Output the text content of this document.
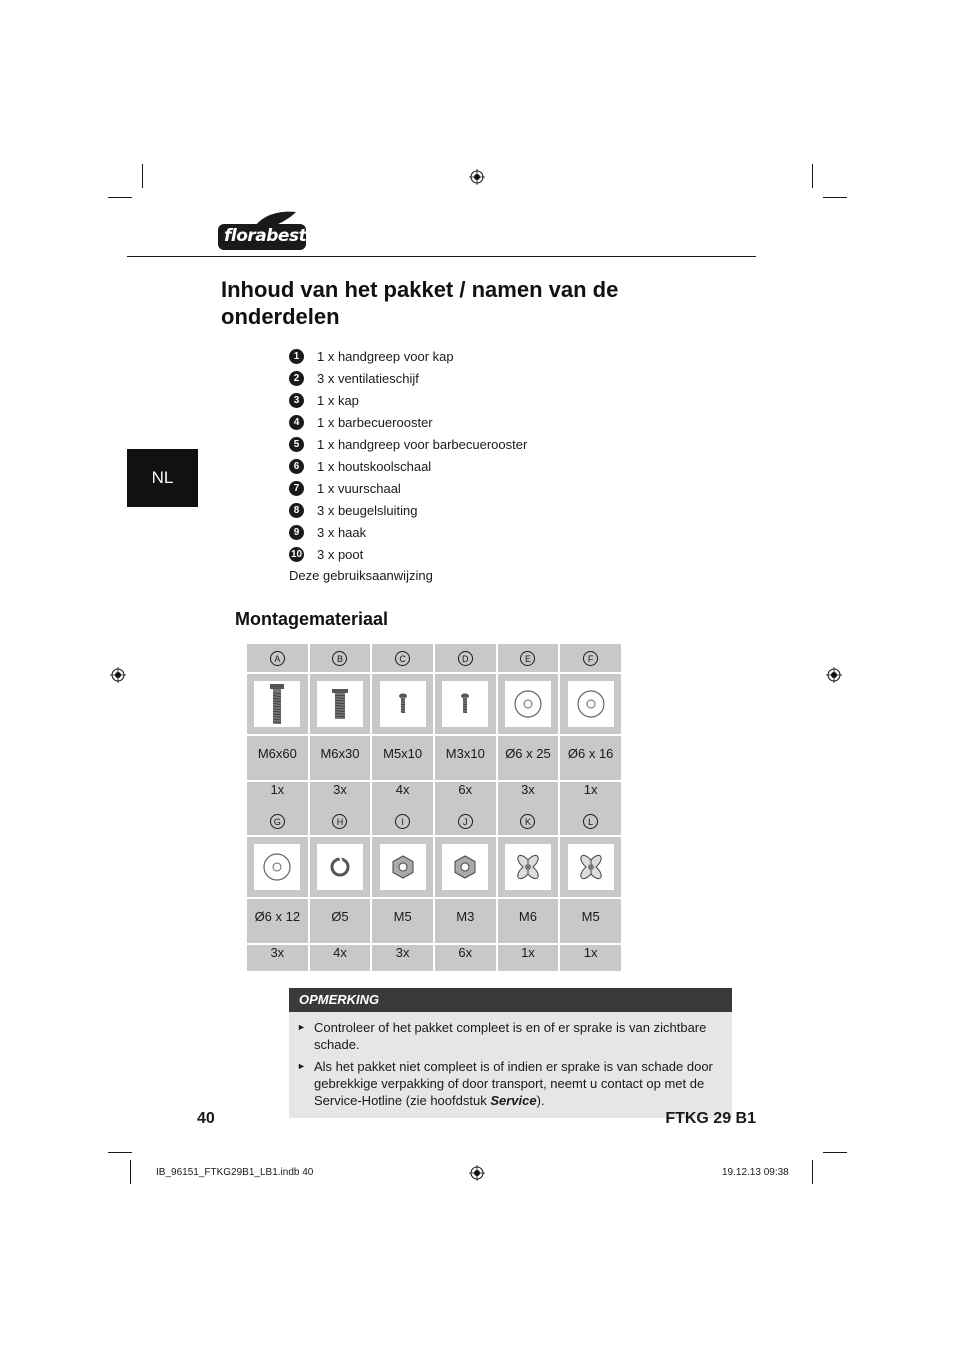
florabest
NL
Inhoud van het pakket / namen van de onderdelen
1	1 x handgreep voor kap
2	3 x ventilatieschijf
3	1 x kap
4	1 x barbecuerooster
5	1 x handgreep voor barbecuerooster
6	1 x houtskoolschaal
7	1 x vuurschaal
8	3 x beugelsluiting
9	3 x haak
10 3 x poot
Deze gebruiksaanwijzing
Montagemateriaal
A	B	C	D	E	F

M6x60	M6x30	M5x10	M3x10	Ø6 x 25	Ø6 x 16
1x	3x	4x	6x	3x	1x
G	H	I	J	K	L

Ø6 x 12	Ø5	M5	M3	M6	M5
3x	4x	3x	6x	1x	1x
OPMERKING
► Controleer of het pakket compleet is en of er sprake is van zichtbare schade.
► Als het pakket niet compleet is of indien er sprake is van schade door gebrekkige verpakking of door transport, neemt u contact op met de Service-Hotline (zie hoofdstuk Service).
40	FTKG 29 B1
IB_96151_FTKG29B1_LB1.indb 40	19.12.13 09:38
